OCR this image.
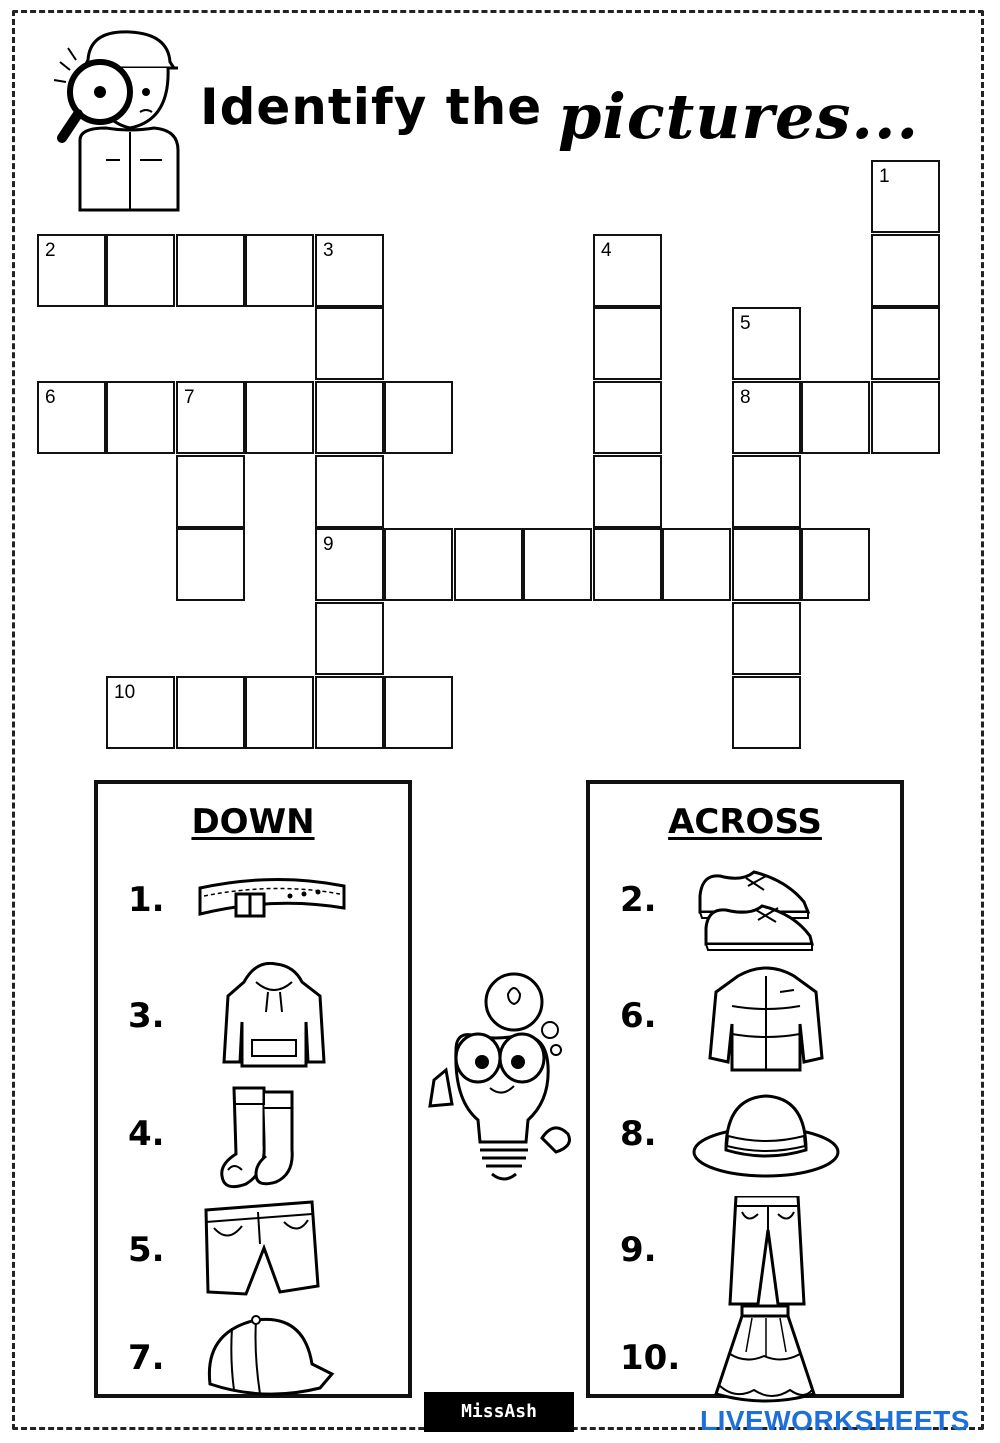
Identify the pictures...
1
2	3	4
5
6	7	8
9
10
DOWN
1.
3.
4.
5.
7.
ACROSS
2.
6.
8.
9.
10.
MissAsh	LIVEWORKSHEETS
